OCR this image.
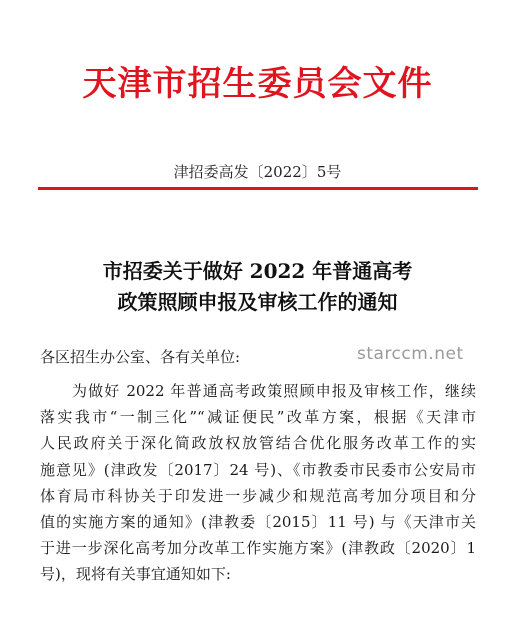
天津市招生委员会文件
津招委高发〔2022〕5号
市招委关于做好 2022 年普通高考
政策照顾申报及审核工作的通知
各区招生办公室、各有关单位:	starccm.net
为做好 2022 年普通高考政策照顾申报及审核工作，继续
落实我市“一制三化”“减证便民”改革方案，根据《天津市
人民政府关于深化简政放权放管结合优化服务改革工作的实
施意见》(津政发〔2017〕24 号)、《市教委市民委市公安局市
体育局市科协关于印发进一步减少和规范高考加分项目和分
值的实施方案的通知》(津教委〔2015〕11 号) 与《天津市关
于进一步深化高考加分改革工作实施方案》(津教政〔2020〕1
号)，现将有关事宜通知如下:
